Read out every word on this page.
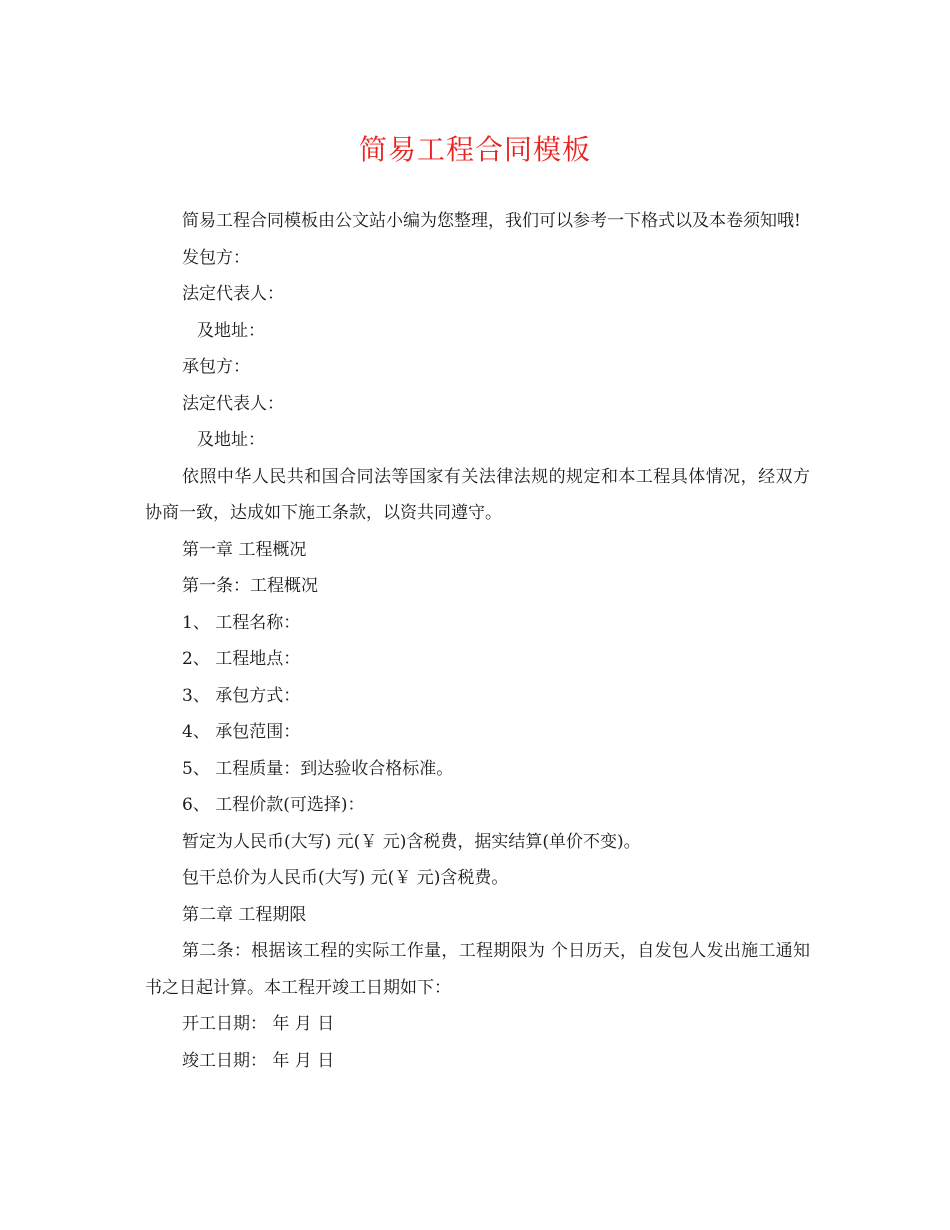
简易工程合同模板

简易工程合同模板由公文站小编为您整理，我们可以参考一下格式以及本卷须知哦!

发包方：

法定代表人：

及地址：

承包方：

法定代表人：

及地址：

依照中华人民共和国合同法等国家有关法律法规的规定和本工程具体情况，经双方协商一致，达成如下施工条款，以资共同遵守。

第一章 工程概况

第一条：工程概况

1、 工程名称：

2、 工程地点：

3、 承包方式：

4、 承包范围：

5、 工程质量：到达验收合格标准。

6、 工程价款(可选择)：

暂定为人民币(大写) 元(￥ 元)含税费，据实结算(单价不变)。

包干总价为人民币(大写) 元(￥ 元)含税费。

第二章 工程期限

第二条：根据该工程的实际工作量，工程期限为 个日历天，自发包人发出施工通知书之日起计算。本工程开竣工日期如下：

开工日期： 年 月 日

竣工日期： 年 月 日
